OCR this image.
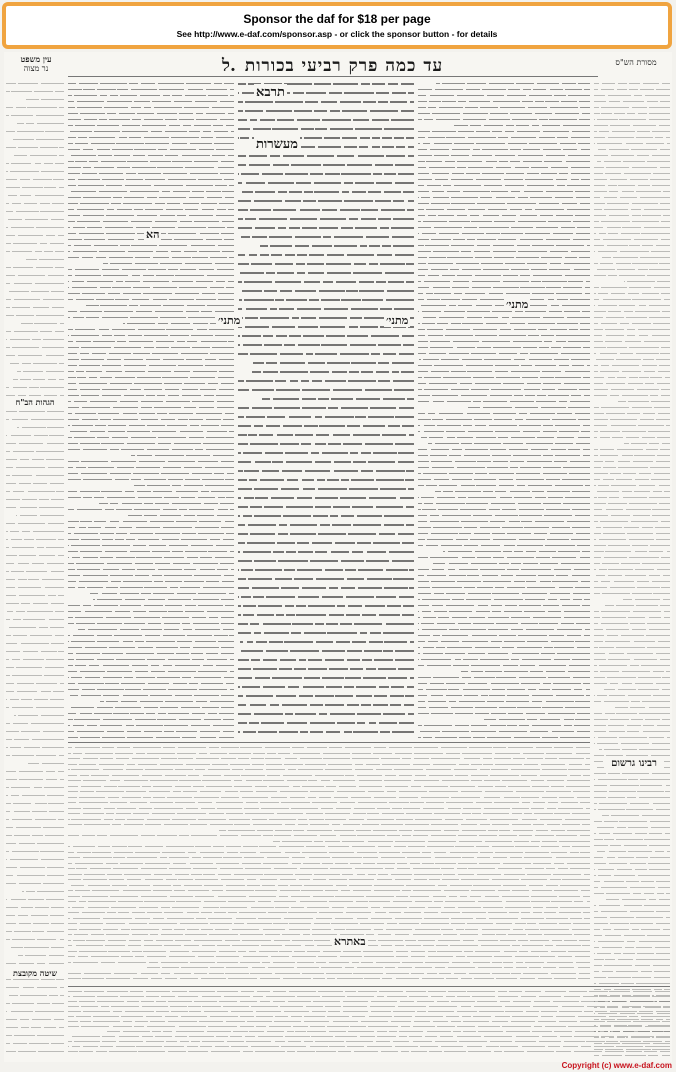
Sponsor the daf for $18 per page
See http://www.e-daf.com/sponsor.asp - or click the sponsor button - for details
עין משפט
נר מצוה	עד כמה פרק רביעי בכורות
ל.	מסורת הש"ס
תרבא
מעשרות
הא
מתני׳
מתני׳	מתני׳
רבינו גרשום
הגהות הב"ח
שיטה מקובצת
באתרא
Copyright (c) www.e-daf.com
